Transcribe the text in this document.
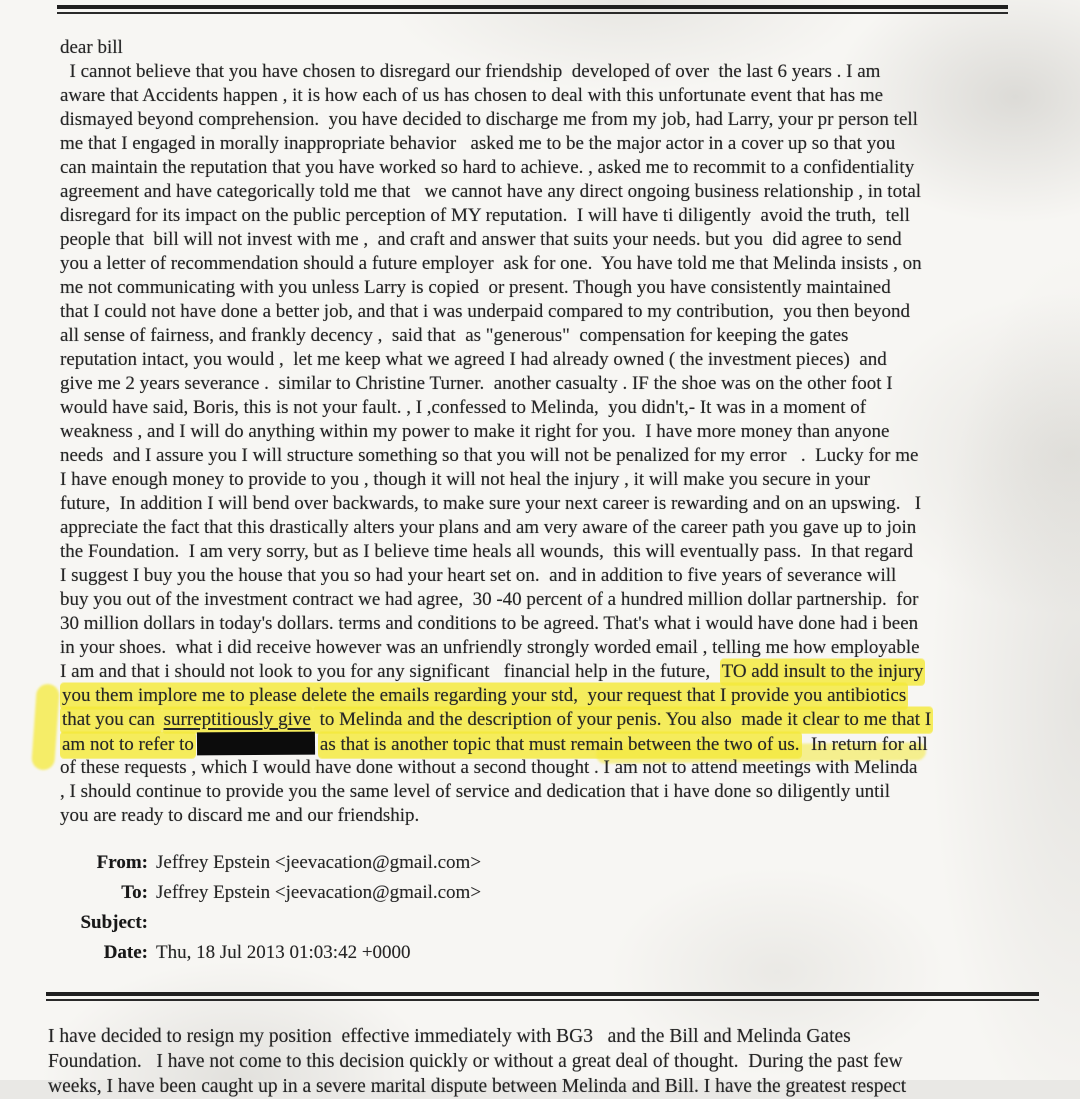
dear bill
I cannot believe that you have chosen to disregard our friendship  developed of over  the last 6 years . I am
aware that Accidents happen , it is how each of us has chosen to deal with this unfortunate event that has me
dismayed beyond comprehension.  you have decided to discharge me from my job, had Larry, your pr person tell
me that I engaged in morally inappropriate behavior   asked me to be the major actor in a cover up so that you
can maintain the reputation that you have worked so hard to achieve. , asked me to recommit to a confidentiality
agreement and have categorically told me that   we cannot have any direct ongoing business relationship , in total
disregard for its impact on the public perception of MY reputation.  I will have ti diligently  avoid the truth,  tell
people that  bill will not invest with me ,  and craft and answer that suits your needs. but you  did agree to send
you a letter of recommendation should a future employer  ask for one.  You have told me that Melinda insists , on
me not communicating with you unless Larry is copied  or present. Though you have consistently maintained
that I could not have done a better job, and that i was underpaid compared to my contribution,  you then beyond
all sense of fairness, and frankly decency ,  said that  as "generous"  compensation for keeping the gates
reputation intact, you would ,  let me keep what we agreed I had already owned ( the investment pieces)  and
give me 2 years severance .  similar to Christine Turner.  another casualty . IF the shoe was on the other foot I
would have said, Boris, this is not your fault. , I ,confessed to Melinda,  you didn't,- It was in a moment of
weakness , and I will do anything within my power to make it right for you.  I have more money than anyone
needs  and I assure you I will structure something so that you will not be penalized for my error   .  Lucky for me
I have enough money to provide to you , though it will not heal the injury , it will make you secure in your
future,  In addition I will bend over backwards, to make sure your next career is rewarding and on an upswing.   I
appreciate the fact that this drastically alters your plans and am very aware of the career path you gave up to join
the Foundation.  I am very sorry, but as I believe time heals all wounds,  this will eventually pass.  In that regard
I suggest I buy you the house that you so had your heart set on.  and in addition to five years of severance will
buy you out of the investment contract we had agree,  30 -40 percent of a hundred million dollar partnership.  for
30 million dollars in today's dollars. terms and conditions to be agreed. That's what i would have done had i been
in your shoes.  what i did receive however was an unfriendly strongly worded email , telling me how employable
I am and that i should not look to you for any significant   financial help in the future,  TO add insult to the injury
you them implore me to please delete the emails regarding your std,  your request that I provide you antibiotics
that you can surreptitiously give to Melinda and the description of your penis. You also  made it clear to me that I
am not to refer to	as that is another topic that must remain between the two of us.  In return for all
of these requests , which I would have done without a second thought . I am not to attend meetings with Melinda
, I should continue to provide you the same level of service and dedication that i have done so diligently until
you are ready to discard me and our friendship.
From: Jeffrey Epstein <jeevacation@gmail.com>
To: Jeffrey Epstein <jeevacation@gmail.com>
Subject:
Date: Thu, 18 Jul 2013 01:03:42 +0000
I have decided to resign my position  effective immediately with BG3   and the Bill and Melinda Gates
Foundation.   I have not come to this decision quickly or without a great deal of thought.  During the past few
weeks, I have been caught up in a severe marital dispute between Melinda and Bill. I have the greatest respect
